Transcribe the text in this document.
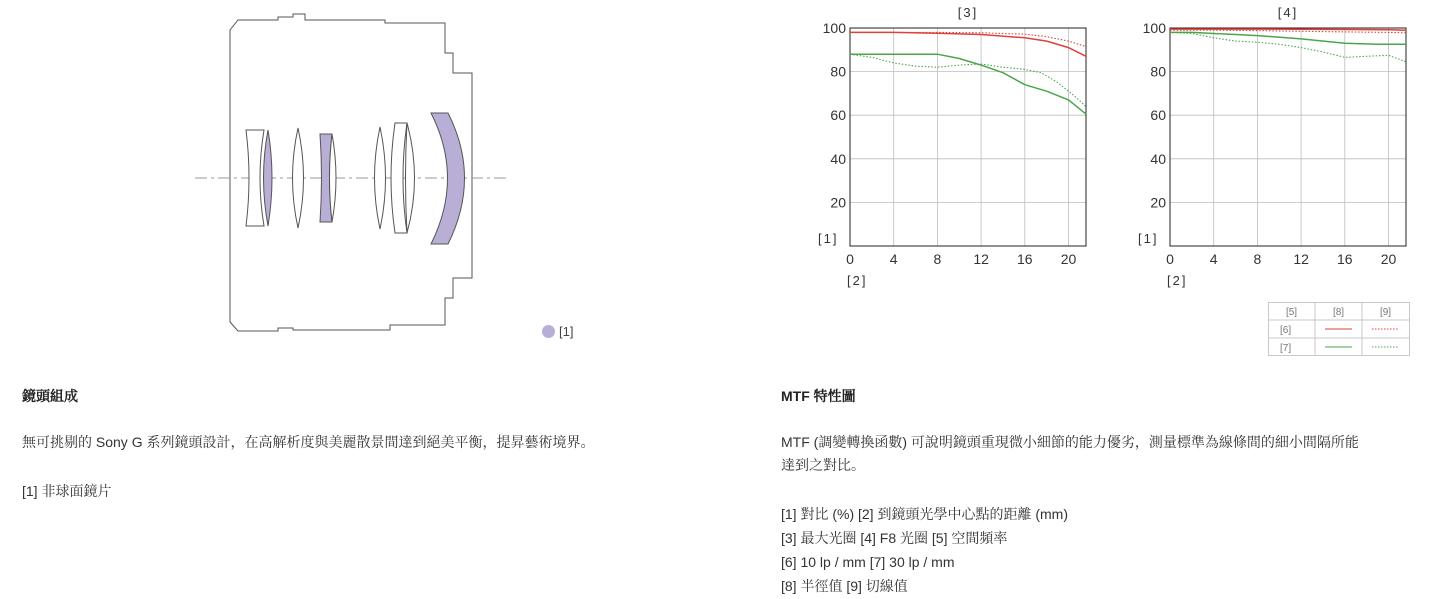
[1]
20
40
60
80
100
0	4	8 12 16 20
[3]
[1]
[2]
20
40
60
80
100
0	4	8 12 16 20
[4]
[1]
[2]
[5]	[8]	[9]
[6]
[7]
鏡頭組成
無可挑剔的 Sony G 系列鏡頭設計，在高解析度與美麗散景間達到絕美平衡，提昇藝術境界。
[1] 非球面鏡片
MTF 特性圖
MTF (調變轉換函數) 可說明鏡頭重現微小細節的能力優劣，測量標準為線條間的細小間隔所能
達到之對比。
[1] 對比 (%) [2] 到鏡頭光學中心點的距離 (mm)
[3] 最大光圈 [4] F8 光圈 [5] 空間頻率
[6] 10 lp / mm [7] 30 lp / mm
[8] 半徑值 [9] 切線值
